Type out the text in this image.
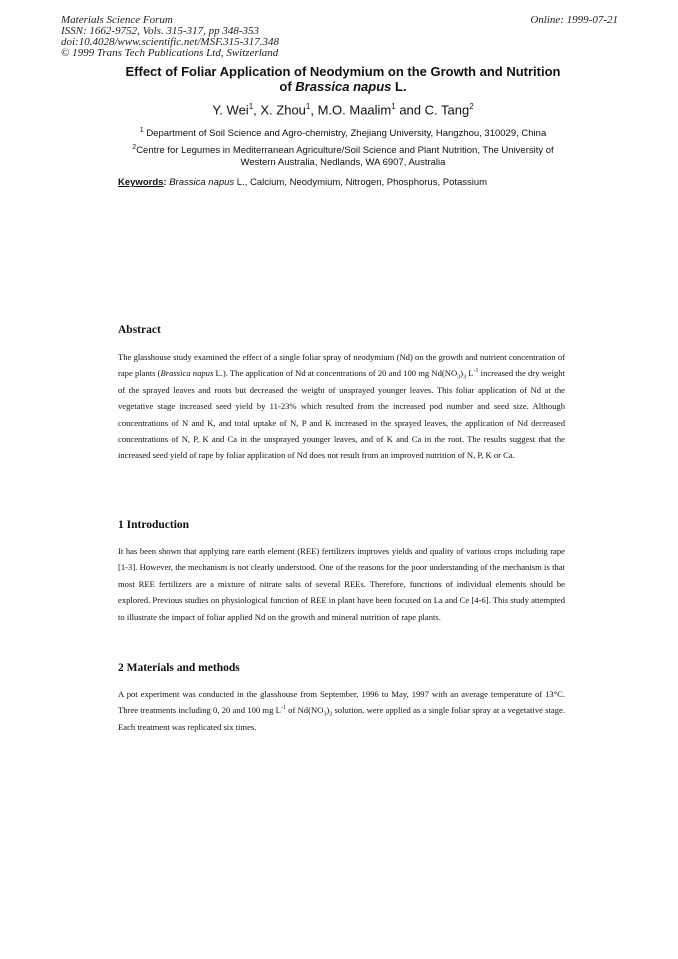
Materials Science Forum
ISSN: 1662-9752, Vols. 315-317, pp 348-353
doi:10.4028/www.scientific.net/MSF.315-317.348
© 1999 Trans Tech Publications Ltd, Switzerland
Online: 1999-07-21
Effect of Foliar Application of Neodymium on the Growth and Nutrition
of Brassica napus L.
Y. Wei$^1$, X. Zhou$^1$, M.O. Maalim$^1$ and C. Tang$^2$
$^1$ Department of Soil Science and Agro-chemistry, Zhejiang University, Hangzhou, 310029, China
$^2$Centre for Legumes in Mediterranean Agriculture/Soil Science and Plant Nutrition, The University of Western Australia, Nedlands, WA 6907, Australia
Keywords: Brassica napus L., Calcium, Neodymium, Nitrogen, Phosphorus, Potassium
Abstract
The glasshouse study examined the effect of a single foliar spray of neodymium (Nd) on the growth and nutrient concentration of rape plants (Brassica napus L.). The application of Nd at concentrations of 20 and 100 mg $Nd(NO_3)_3$ $L^{-1}$ increased the dry weight of the sprayed leaves and roots but decreased the weight of unsprayed younger leaves. This foliar application of Nd at the vegetative stage increased seed yield by 11-23% which resulted from the increased pod number and seed size. Although concentrations of N and K, and total uptake of N, P and K increased in the sprayed leaves, the application of Nd decreased concentrations of N, P, K and Ca in the unsprayed younger leaves, and of K and Ca in the root. The results suggest that the increased seed yield of rape by foliar application of Nd does not result from an improved nutrition of N, P, K or Ca.
1 Introduction
It has been shown that applying rare earth element (REE) fertilizers improves yields and quality of various crops including rape [1-3]. However, the mechanism is not clearly understood. One of the reasons for the poor understanding of the mechanism is that most REE fertilizers are a mixture of nitrate salts of several REEs. Therefore, functions of individual elements should be explored. Previous studies on physiological function of REE in plant have been focused on La and Ce [4-6]. This study attempted to illustrate the impact of foliar applied Nd on the growth and mineral nutrition of rape plants.
2 Materials and methods
A pot experiment was conducted in the glasshouse from September, 1996 to May, 1997 with an average temperature of 13°C. Three treatments including 0, 20 and 100 mg $L^{-1}$ of $Nd(NO_3)_3$ solution, were applied as a single foliar spray at a vegetative stage. Each treatment was replicated six times.
